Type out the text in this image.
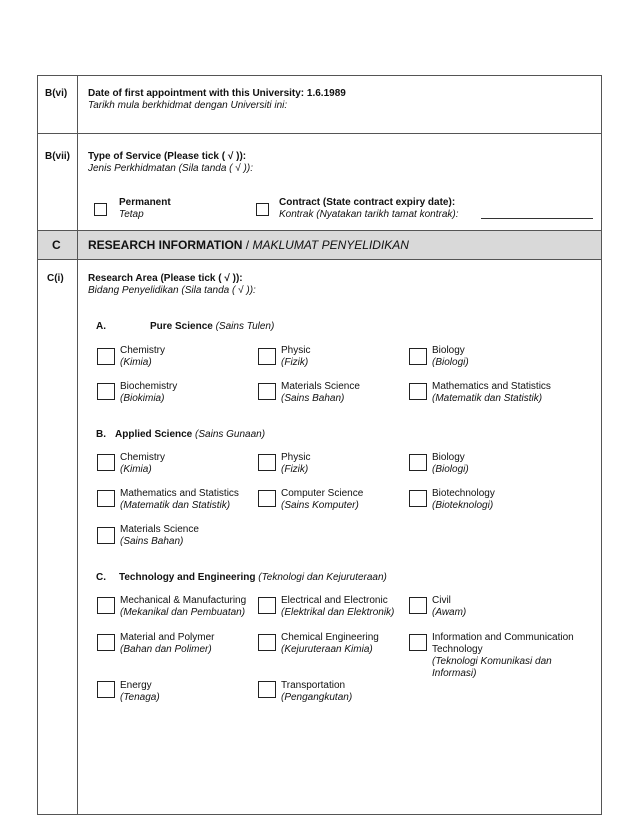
B(vi) Date of first appointment with this University: 1.6.1989
Tarikh mula berkhidmat dengan Universiti ini:
B(vii) Type of Service (Please tick ( √ )):
Jenis Perkhidmatan (Sila tanda ( √ )):
Permanent
Tetap
Contract (State contract expiry date):
Kontrak (Nyatakan tarikh tamat kontrak):
C RESEARCH INFORMATION / MAKLUMAT PENYELIDIKAN
C(i) Research Area (Please tick ( √ )):
Bidang Penyelidikan (Sila tanda ( √ )):
A.	Pure Science (Sains Tulen)
Chemistry
(Kimia)
Physic
(Fizik)
Biology
(Biologi)
Biochemistry
(Biokimia)
Materials Science
(Sains Bahan)
Mathematics and Statistics
(Matematik dan Statistik)
B. Applied Science (Sains Gunaan)
Chemistry
(Kimia)
Physic
(Fizik)
Biology
(Biologi)
Mathematics and Statistics
(Matematik dan Statistik)
Computer Science
(Sains Komputer)
Biotechnology
(Bioteknologi)
Materials Science
(Sains Bahan)
C. Technology and Engineering (Teknologi dan Kejuruteraan)
Mechanical & Manufacturing
(Mekanikal dan Pembuatan)
Electrical and Electronic
(Elektrikal dan Elektronik)
Civil
(Awam)
Material and Polymer
(Bahan dan Polimer)
Chemical Engineering
(Kejuruteraan Kimia)
Information and Communication
Technology
(Teknologi Komunikasi dan
Informasi)
Energy
(Tenaga)
Transportation
(Pengangkutan)
